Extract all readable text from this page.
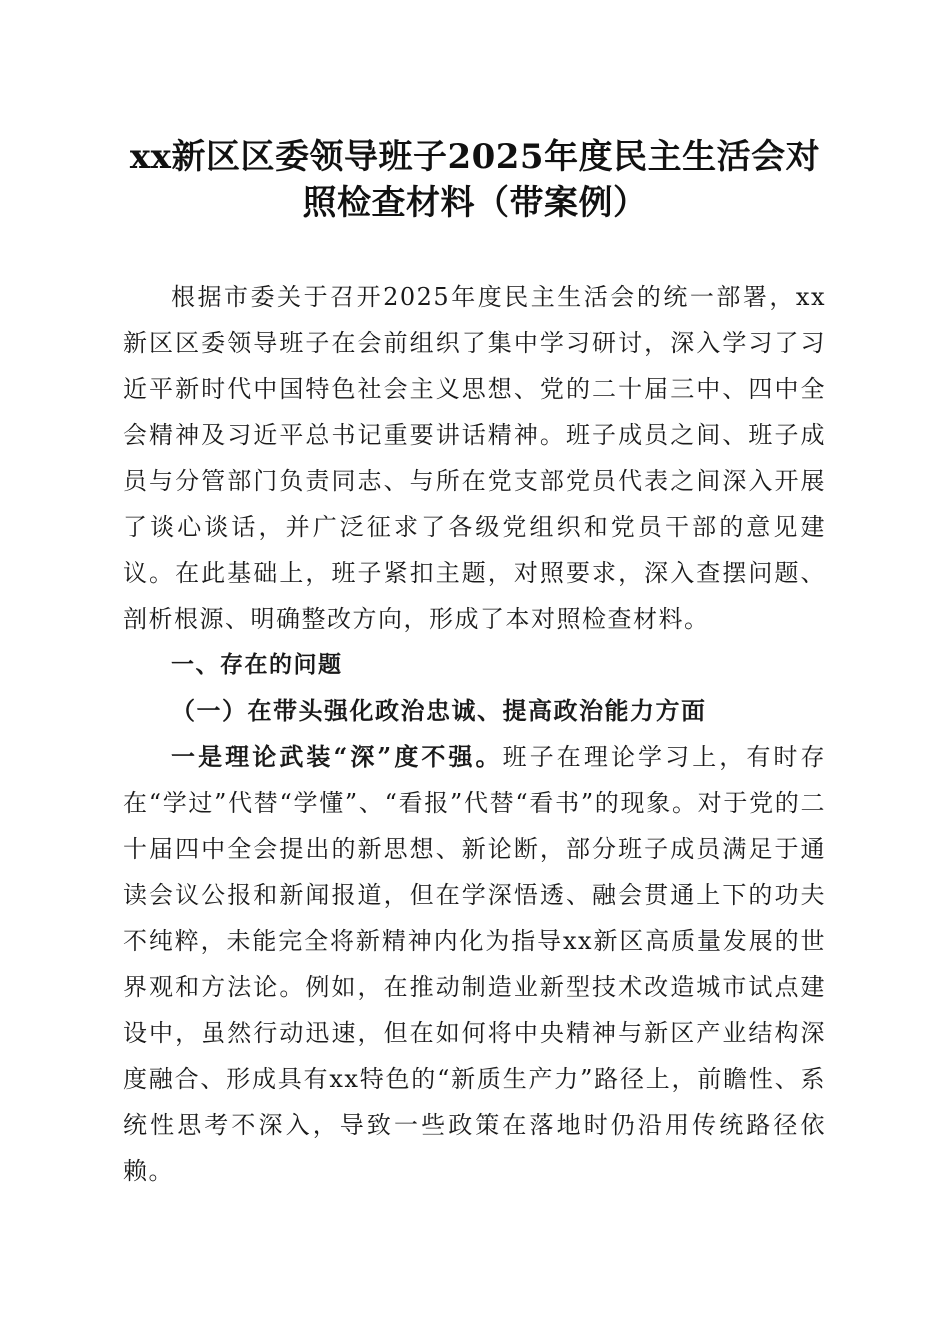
xx新区区委领导班子2025年度民主生活会对
照检查材料（带案例）

根据市委关于召开2025年度民主生活会的统一部署，xx新区区委领导班子在会前组织了集中学习研讨，深入学习了习近平新时代中国特色社会主义思想、党的二十届三中、四中全会精神及习近平总书记重要讲话精神。班子成员之间、班子成员与分管部门负责同志、与所在党支部党员代表之间深入开展了谈心谈话，并广泛征求了各级党组织和党员干部的意见建议。在此基础上，班子紧扣主题，对照要求，深入查摆问题、剖析根源、明确整改方向，形成了本对照检查材料。

一、存在的问题

（一）在带头强化政治忠诚、提高政治能力方面

一是理论武装“深”度不强。班子在理论学习上，有时存在“学过”代替“学懂”、“看报”代替“看书”的现象。对于党的二十届四中全会提出的新思想、新论断，部分班子成员满足于通读会议公报和新闻报道，但在学深悟透、融会贯通上下的功夫不纯粹，未能完全将新精神内化为指导xx新区高质量发展的世界观和方法论。例如，在推动制造业新型技术改造城市试点建设中，虽然行动迅速，但在如何将中央精神与新区产业结构深度融合、形成具有xx特色的“新质生产力”路径上，前瞻性、系统性思考不深入，导致一些政策在落地时仍沿用传统路径依赖。
